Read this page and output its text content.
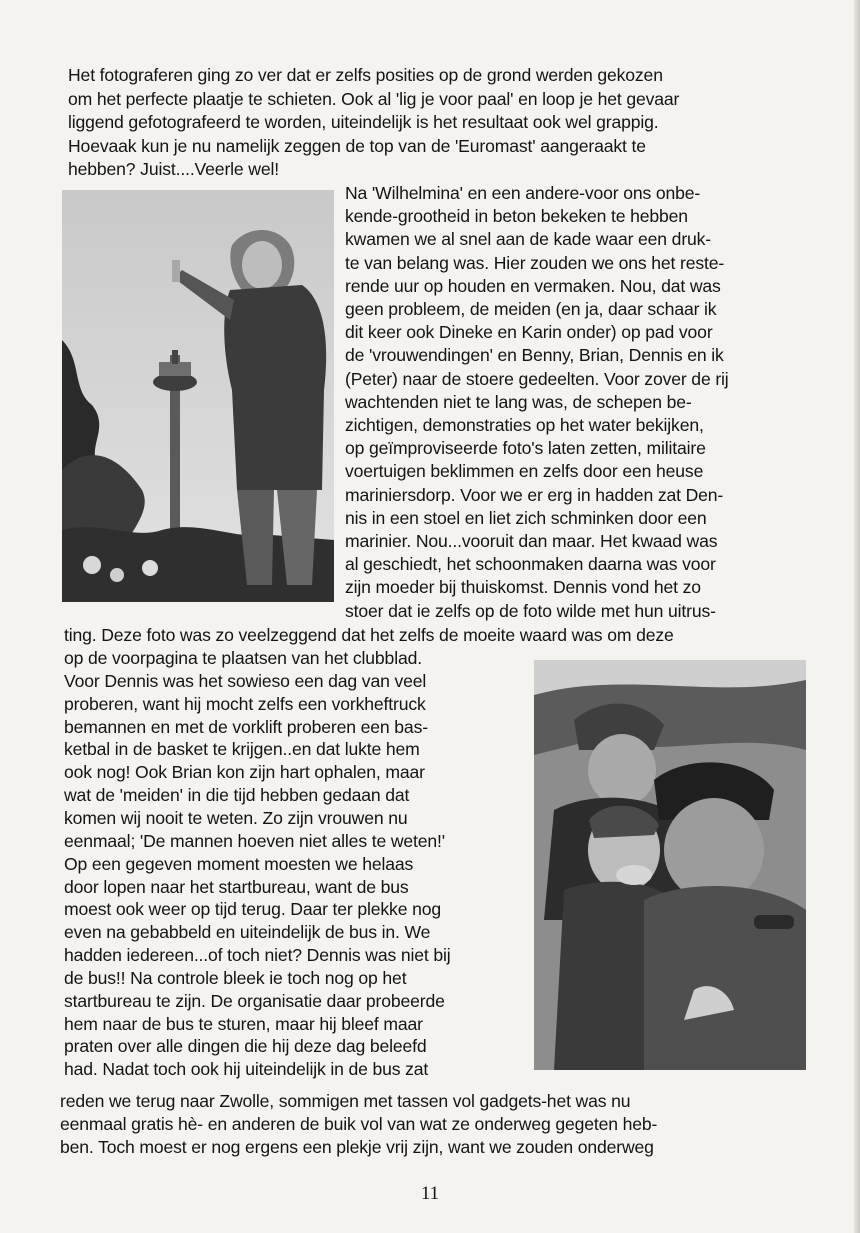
Het fotograferen ging zo ver dat er zelfs posities op de grond werden gekozen
om het perfecte plaatje te schieten. Ook al 'lig je voor paal' en loop je het gevaar
liggend gefotografeerd te worden, uiteindelijk is het resultaat ook wel grappig.
Hoevaak kun je nu namelijk zeggen de top van de 'Euromast' aangeraakt te
hebben? Juist....Veerle wel!
Na 'Wilhelmina' en een andere-voor ons onbe-
kende-grootheid in beton bekeken te hebben
kwamen we al snel aan de kade waar een druk-
te van belang was. Hier zouden we ons het reste-
rende uur op houden en vermaken. Nou, dat was
geen probleem, de meiden (en ja, daar schaar ik
dit keer ook Dineke en Karin onder) op pad voor
de 'vrouwendingen' en Benny, Brian, Dennis en ik
(Peter) naar de stoere gedeelten. Voor zover de rij
wachtenden niet te lang was, de schepen be-
zichtigen, demonstraties op het water bekijken,
op geïmproviseerde foto's laten zetten, militaire
voertuigen beklimmen en zelfs door een heuse
mariniersdorp. Voor we er erg in hadden zat Den-
nis in een stoel en liet zich schminken door een
marinier. Nou...vooruit dan maar. Het kwaad was
al geschiedt, het schoonmaken daarna was voor
zijn moeder bij thuiskomst. Dennis vond het zo
stoer dat ie zelfs op de foto wilde met hun uitrus-
ting. Deze foto was zo veelzeggend dat het zelfs de moeite waard was om deze
op de voorpagina te plaatsen van het clubblad.
Voor Dennis was het sowieso een dag van veel
proberen, want hij mocht zelfs een vorkheftruck
bemannen en met de vorklift proberen een bas-
ketbal in de basket te krijgen..en dat lukte hem
ook nog! Ook Brian kon zijn hart ophalen, maar
wat de 'meiden' in die tijd hebben gedaan dat
komen wij nooit te weten. Zo zijn vrouwen nu
eenmaal; 'De mannen hoeven niet alles te weten!'
Op een gegeven moment moesten we helaas
door lopen naar het startbureau, want de bus
moest ook weer op tijd terug. Daar ter plekke nog
even na gebabbeld en uiteindelijk de bus in. We
hadden iedereen...of toch niet? Dennis was niet bij
de bus!! Na controle bleek ie toch nog op het
startbureau te zijn. De organisatie daar probeerde
hem naar de bus te sturen, maar hij bleef maar
praten over alle dingen die hij deze dag beleefd
had. Nadat toch ook hij uiteindelijk in de bus zat
reden we terug naar Zwolle, sommigen met tassen vol gadgets-het was nu
eenmaal gratis hè- en anderen de buik vol van wat ze onderweg gegeten heb-
ben. Toch moest er nog ergens een plekje vrij zijn, want we zouden onderweg
11
